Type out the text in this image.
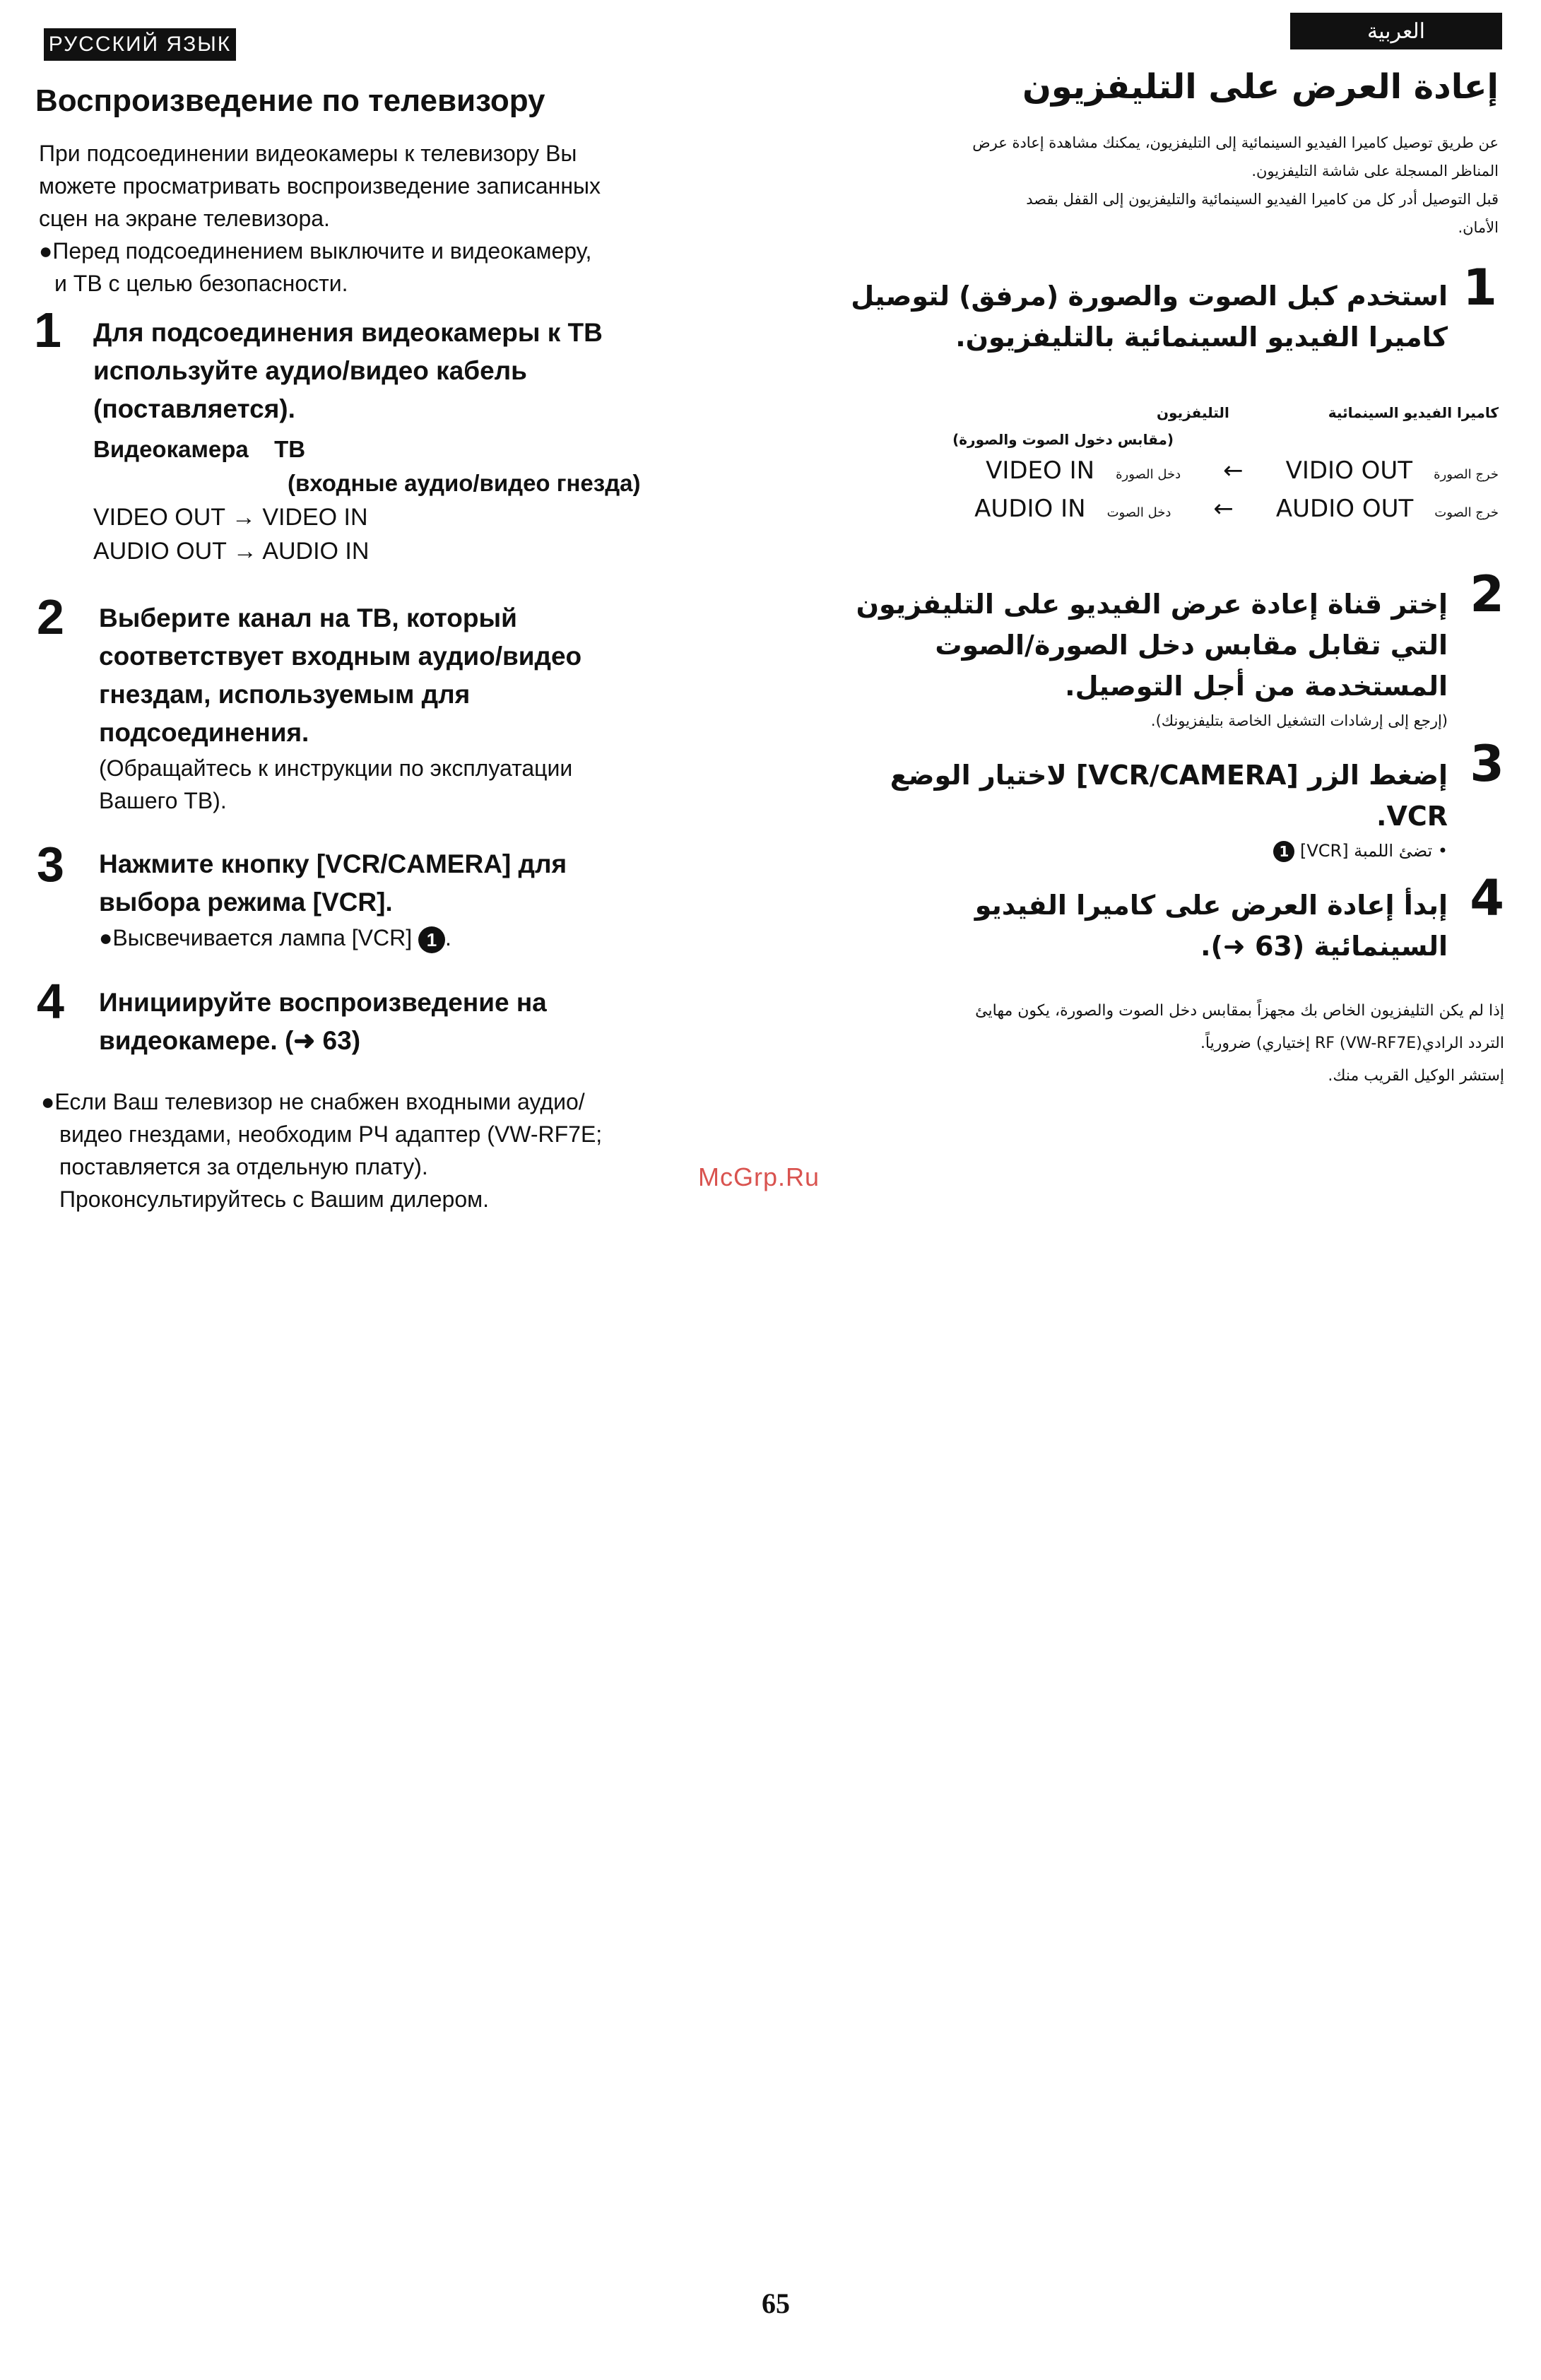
РУССКИЙ ЯЗЫК
العربية
Воспроизведение по телевизору
При подсоединении видеокамеры к телевизору Вы
можете просматривать воспроизведение записанных
сцен на экране телевизора.
●Перед подсоединением выключите и видеокамеру,
и ТВ с целью безопасности.
1 Для подсоединения видеокамеры к ТВ
используйте аудио/видео кабель
(поставляется).
Видеокамера ТВ
(входные аудио/видео гнезда)
VIDEO OUT → VIDEO IN
AUDIO OUT → AUDIO IN
2 Выберите канал на ТВ, который
соответствует входным аудио/видео
гнездам, используемым для
подсоединения.
(Обращайтесь к инструкции по эксплуатации
Вашего ТВ).
3 Нажмите кнопку [VCR/CAMERA] для
выбора режима [VCR].
●Высвечивается лампа [VCR] 1 .
4 Инициируйте воспроизведение на
видеокамере. (➜ 63)
●Если Ваш телевизор не снабжен входными аудио/
видео гнездами, необходим РЧ адаптер (VW-RF7E;
поставляется за отдельную плату).
Проконсультируйтесь с Вашим дилером.
إعادة العرض على التليفزيون
عن طريق توصيل كاميرا الفيديو السينمائية إلى التليفزيون، يمكنك مشاهدة إعادة عرض
المناظر المسجلة على شاشة التليفزيون.
قبل التوصيل أدر كل من كاميرا الفيديو السينمائية والتليفزيون إلى القفل بقصد
الأمان.
1
استخدم كبل الصوت والصورة (مرفق) لتوصيل
كاميرا الفيديو السينمائية بالتليفزيون.
كاميرا الفيديو السينمائية
التليفزيون
(مقابس دخول الصوت والصورة)
خرج الصورة
VIDIO OUT
←
دخل الصورة
VIDEO IN
خرج الصوت
AUDIO OUT
←
دخل الصوت
AUDIO IN
2
إختر قناة إعادة عرض الفيديو على التليفزيون
التي تقابل مقابس دخل الصورة/الصوت
المستخدمة من أجل التوصيل.
(إرجع إلى إرشادات التشغيل الخاصة بتليفزيونك).
3
إضغط الزر [VCR/CAMERA] لاختيار الوضع
VCR.
• تضئ اللمبة [VCR] 1
4
إبدأ إعادة العرض على كاميرا الفيديو
السينمائية (63 ➜).
إذا لم يكن التليفزيون الخاص بك مجهزاً بمقابس دخل الصوت والصورة، يكون مهايئ
التردد الراديRF (VW-RF7E) إختياري) ضرورياً.
إستشر الوكيل القريب منك.
McGrp.Ru
65
